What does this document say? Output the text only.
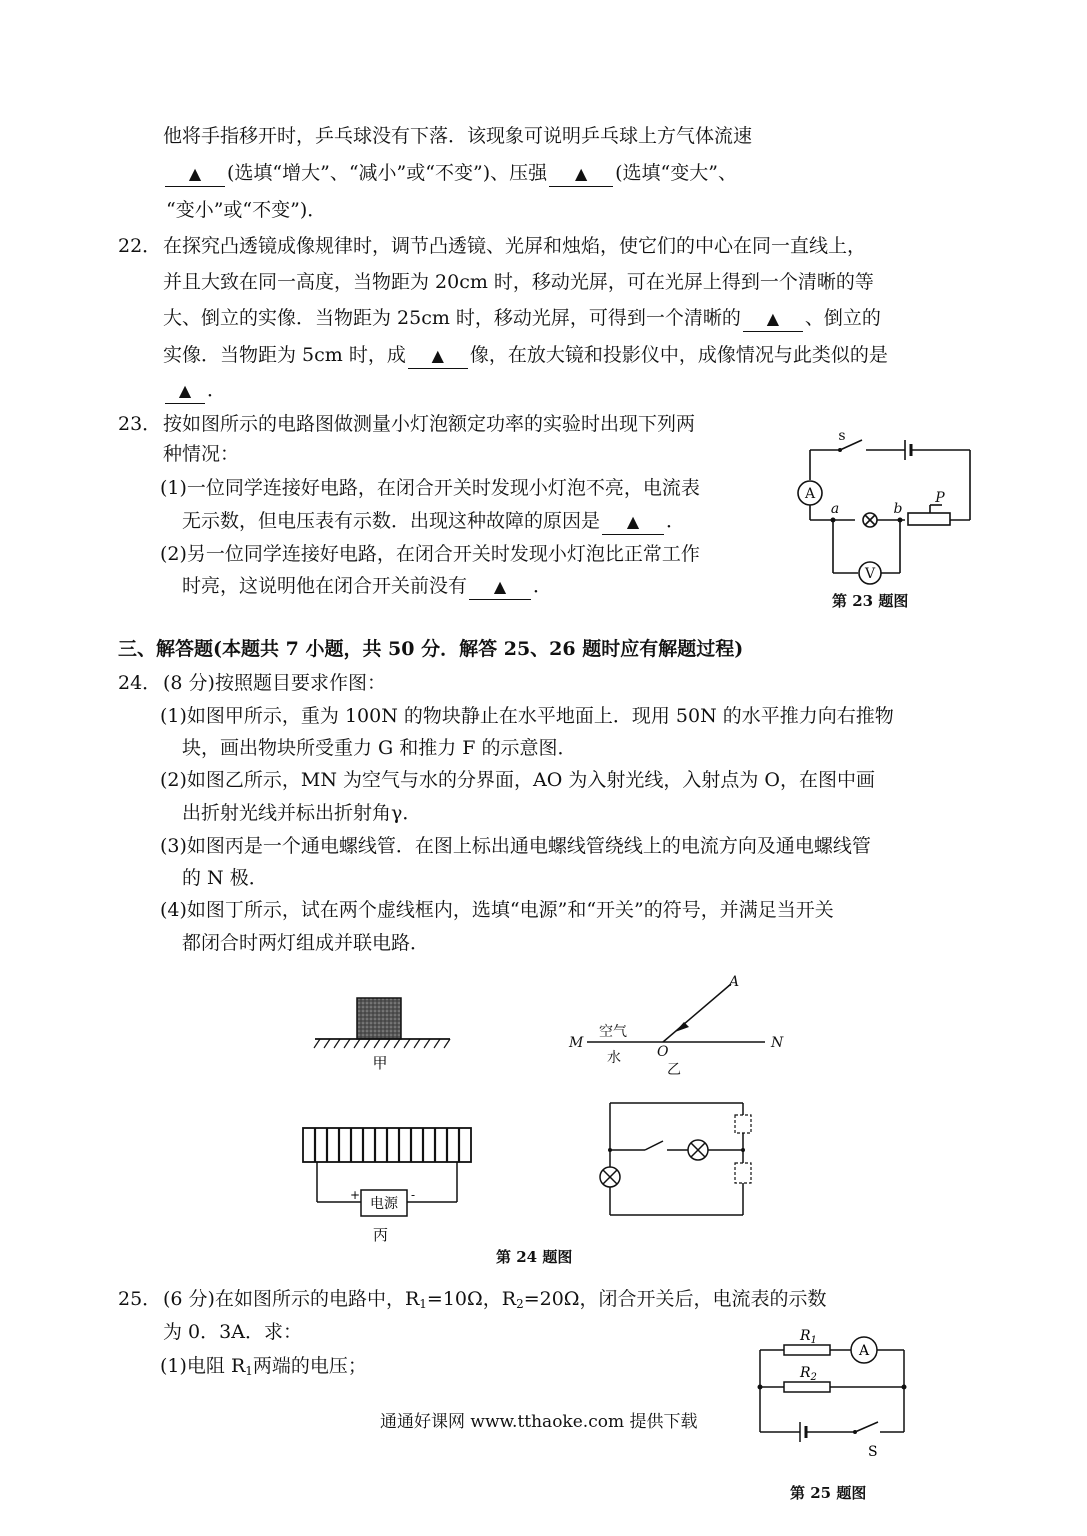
他将手指移开时，乒乓球没有下落．该现象可说明乒乓球上方气体流速
▲ (选填“增大”、“减小”或“不变”)、压强 ▲ (选填“变大”、
“变小”或“不变”)．
22． 在探究凸透镜成像规律时，调节凸透镜、光屏和烛焰，使它们的中心在同一直线上，
并且大致在同一高度，当物距为 20cm 时，移动光屏，可在光屏上得到一个清晰的等
大、倒立的实像．当物距为 25cm 时，移动光屏，可得到一个清晰的 ▲ 、倒立的
实像．当物距为 5cm 时，成 ▲ 像，在放大镜和投影仪中，成像情况与此类似的是
▲ ．
23． 按如图所示的电路图做测量小灯泡额定功率的实验时出现下列两
种情况：
(1)一位同学连接好电路，在闭合开关时发现小灯泡不亮，电流表
无示数，但电压表有示数．出现这种故障的原因是 ▲ ．
(2)另一位同学连接好电路，在闭合开关时发现小灯泡比正常工作
时亮，这说明他在闭合开关前没有 ▲ ．
s
A
a	b
P
V
第 23 题图
三、解答题(本题共 7 小题，共 50 分．解答 25、26 题时应有解题过程)
24． (8 分)按照题目要求作图：
(1)如图甲所示，重为 100N 的物块静止在水平地面上．现用 50N 的水平推力向右推物
块，画出物块所受重力 G 和推力 F 的示意图．
(2)如图乙所示，MN 为空气与水的分界面，AO 为入射光线，入射点为 O，在图中画
出折射光线并标出折射角γ．
(3)如图丙是一个通电螺线管．在图上标出通电螺线管绕线上的电流方向及通电螺线管
的 N 极．
(4)如图丁所示，试在两个虚线框内，选填“电源”和“开关”的符号，并满足当开关
都闭合时两灯组成并联电路．
甲
M	N
A
O
空气
水
乙
电源
+	-
丙
第 24 题图
25． (6 分)在如图所示的电路中，$R_1=10\Omega$，$R_2=20\Omega$，闭合开关后，电流表的示数
为 0．3A．求：
(1)电阻 $R_1$两端的电压；
$R_1$
$R_2$
A
S
第 25 题图
通通好课网 www.tthaoke.com 提供下载
